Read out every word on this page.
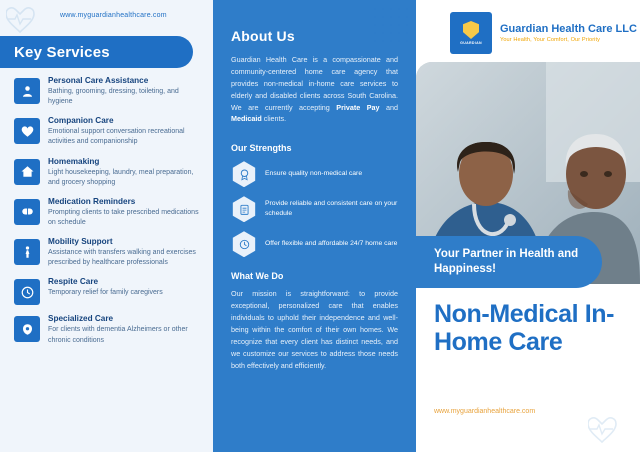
www.myguardianhealthcare.com
Key Services
Personal Care Assistance
Bathing, grooming, dressing, toileting, and hygiene
Companion Care
Emotional support conversation recreational activities and companionship
Homemaking
Light housekeeping, laundry, meal preparation, and grocery shopping
Medication Reminders
Prompting clients to take prescribed medications on schedule
Mobility Support
Assistance with transfers walking and exercises prescribed by healthcare professionals
Respite Care
Temporary relief for family caregivers
Specialized Care
For clients with dementia Alzheimers or other chronic conditions
About Us

Guardian Health Care is a compassionate and community-centered home care agency that provides non-medical in-home care services to elderly and disabled clients across South Carolina. We are currently accepting Private Pay and Medicaid clients.

Our Strengths
Ensure quality non-medical care
Provide reliable and consistent care on your schedule
Offer flexible and affordable 24/7 home care
What We Do

Our mission is straightforward: to provide exceptional, personalized care that enables individuals to uphold their independence and well-being within the comfort of their own homes. We recognize that every client has distinct needs, and we customize our services to address those needs both effectively and efficiently.

GUARDIAN
Guardian Health Care LLC
Your Health, Your Comfort, Our Priority
Your Partner in Health and Happiness!
Non-Medical In-Home Care
www.myguardianhealthcare.com
